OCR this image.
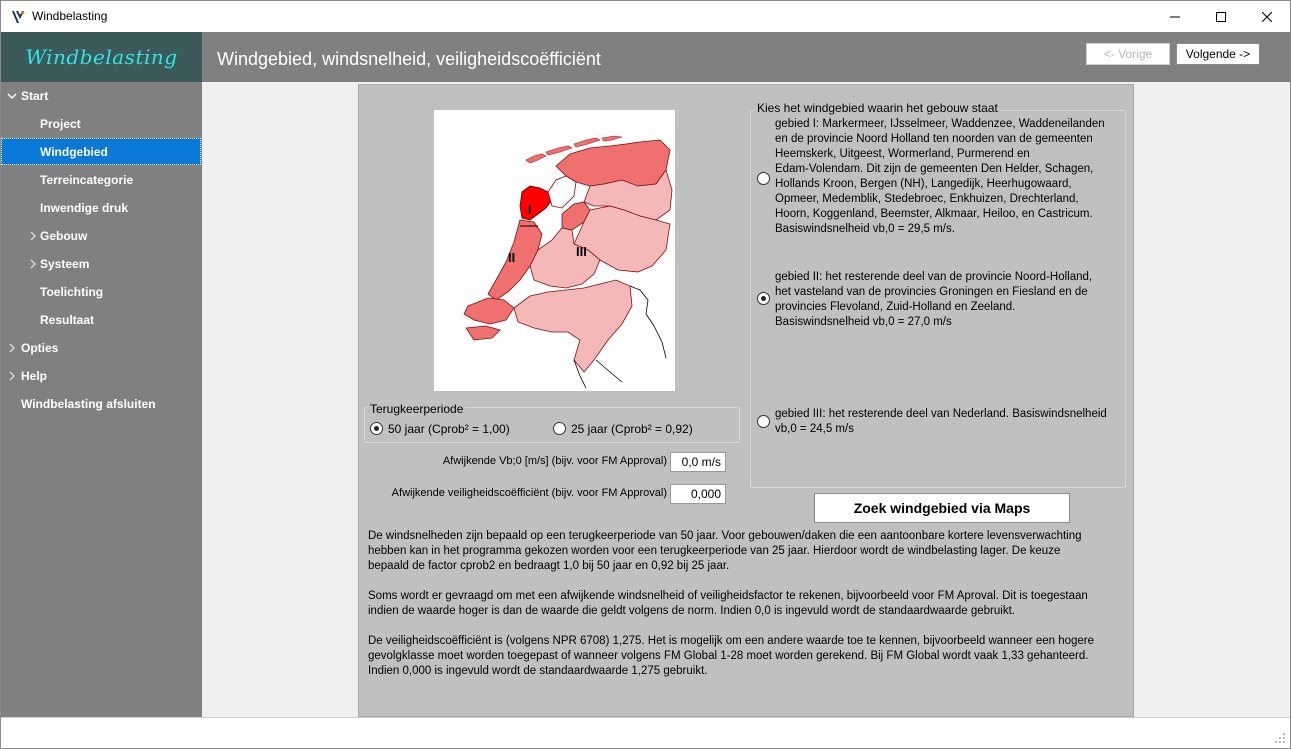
Windbelasting
Windbelasting Windgebied, windsnelheid, veiligheidscoëfficiënt	<- Vorige	Volgende ->
Start
Project
Windgebied
Terreincategorie
Inwendige druk
Gebouw
Systeem
Toelichting
Resultaat
Opties
Help
Windbelasting afsluiten
I
II	III
Terugkeerperiode
50 jaar (Cprob² = 1,00)	25 jaar (Cprob² = 0,92)
Afwijkende Vb;0 [m/s] (bijv. voor FM Approval)	0,0 m/s
Afwijkende veiligheidscoëfficiënt (bijv. voor FM Approval)	0,000
Kies het windgebied waarin het gebouw staat
gebied I: Markermeer, IJsselmeer, Waddenzee, Waddeneilanden
en de provincie Noord Holland ten noorden van de gemeenten
Heemskerk, Uitgeest, Wormerland, Purmerend en
Edam-Volendam. Dit zijn de gemeenten Den Helder, Schagen,
Hollands Kroon, Bergen (NH), Langedijk, Heerhugowaard,
Opmeer, Medemblik, Stedebroec, Enkhuizen, Drechterland,
Hoorn, Koggenland, Beemster, Alkmaar, Heiloo, en Castricum.
Basiswindsnelheid vb,0 = 29,5 m/s.
gebied II: het resterende deel van de provincie Noord-Holland,
het vasteland van de provincies Groningen en Fiesland en de
provincies Flevoland, Zuid-Holland en Zeeland.
Basiswindsnelheid vb,0 = 27,0 m/s
gebied III: het resterende deel van Nederland. Basiswindsnelheid
vb,0 = 24,5 m/s
Zoek windgebied via Maps
De windsnelheden zijn bepaald op een terugkeerperiode van 50 jaar. Voor gebouwen/daken die een aantoonbare kortere levensverwachting
hebben kan in het programma gekozen worden voor een terugkeerperiode van 25 jaar. Hierdoor wordt de windbelasting lager. De keuze
bepaald de factor cprob2 en bedraagt 1,0 bij 50 jaar en 0,92 bij 25 jaar.

Soms wordt er gevraagd om met een afwijkende windsnelheid of veiligheidsfactor te rekenen, bijvoorbeeld voor FM Aproval. Dit is toegestaan
indien de waarde hoger is dan de waarde die geldt volgens de norm. Indien 0,0 is ingevuld wordt de standaardwaarde gebruikt.

De veiligheidscoëfficiënt is (volgens NPR 6708) 1,275. Het is mogelijk om een andere waarde toe te kennen, bijvoorbeeld wanneer een hogere
gevolgklasse moet worden toegepast of wanneer volgens FM Global 1-28 moet worden gerekend. Bij FM Global wordt vaak 1,33 gehanteerd.
Indien 0,000 is ingevuld wordt de standaardwaarde 1,275 gebruikt.
